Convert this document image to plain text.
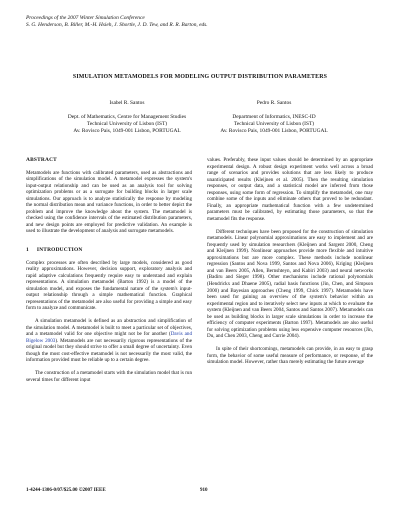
Proceedings of the 2007 Winter Simulation Conference
S. G. Henderson, B. Biller, M.-H. Hsieh, J. Shortle, J. D. Tew, and R. R. Barton, eds.
SIMULATION METAMODELS FOR MODELING OUTPUT DISTRIBUTION PARAMETERS
Isabel R. Santos
Dept. of Mathematics, Centre for Management Studies
Technical University of Lisbon (IST)
Av. Rovisco Pais, 1049-001 Lisbon, PORTUGAL
Pedro R. Santos
Department of Informatics, INESC-ID
Technical University of Lisbon (IST)
Av. Rovisco Pais, 1049-001 Lisbon, PORTUGAL
ABSTRACT

Metamodels are functions with calibrated parameters, used as abstractions and simplifications of the simulation model. A metamodel expresses the system's input-output relationship and can be used as an analysis tool for solving optimization problems or as a surrogate for building blocks in larger scale simulations. Our approach is to analyze statistically the response by modeling the normal distribution mean and variance functions, in order to better depict the problem and improve the knowledge about the system. The metamodel is checked using the confidence intervals of the estimated distribution parameters, and new design points are employed for predictive validation. An example is used to illustrate the development of analysis and surrogate metamodels.

1 INTRODUCTION

Complex processes are often described by large models, considered as good reality approximations. However, decision support, exploratory analysis and rapid adaptive calculations frequently require easy to understand and explain representations. A simulation metamodel (Barton 1992) is a model of the simulation model, and exposes the fundamental nature of the system's input-output relationship through a simple mathematical function. Graphical representations of the metamodel are also useful for providing a simple and easy form to analyze and communicate.

A simulation metamodel is defined as an abstraction and simplification of the simulation model. A metamodel is built to meet a particular set of objectives, and a metamodel valid for one objective might not be for another (Davis and Bigelow 2003). Metamodels are not necessarily rigorous representations of the original model but they should strive to offer a small degree of uncertainty. Even though the most cost-effective metamodel is not necessarily the most valid, the information provided must be reliable up to a certain degree.

The construction of a metamodel starts with the simulation model that is run several times for different input

values. Preferably, these input values should be determined by an appropriate experimental design. A robust design experiment works well across a broad range of scenarios and provides solutions that are less likely to produce unanticipated results (Kleijnen et al. 2005). Then the resulting simulation responses, or output data, and a statistical model are inferred from those responses, using some form of regression. To simplify the metamodel, one may combine some of the inputs and eliminate others that proved to be redundant. Finally, an appropriate mathematical function with a few undetermined parameters must be calibrated, by estimating those parameters, so that the metamodel fits the response.

Different techniques have been proposed for the construction of simulation metamodels. Linear polynomial approximations are easy to implement and are frequently used by simulation researchers (Kleijnen and Sargent 2000, Cheng and Kleijnen 1999). Nonlinear approaches provide more flexible and intuitive approximations but are more complex. These methods include nonlinear regression (Santos and Nova 1999, Santos and Nova 2006), Kriging (Kleijnen and van Beers 2005, Allen, Bernshteyn, and Kabiri 2003) and neural networks (Badiru and Sieger 1998). Other mechanisms include rational polynomials (Hendrickx and Dhaene 2005), radial basis functions (Jin, Chen, and Simpson 2000) and Bayesian approaches (Cheng 1999, Chick 1997). Metamodels have been used for gaining an overview of the system's behavior within an experimental region and to iteratively select new inputs at which to evaluate the system (Kleijnen and van Beers 2004, Santos and Santos 2007). Metamodels can be used as building blocks in larger scale simulations in order to increase the efficiency of computer experiments (Barton 1997). Metamodels are also useful for solving optimization problems using less expensive computer resources (Jin, Du, and Chen 2003, Cheng and Currie 2004).

In spite of their shortcomings, metamodels can provide, in an easy to grasp form, the behavior of some useful measure of performance, or response, of the simulation model. However, rather than merely estimating the future average

1-4244-1306-0/07/$25.00 ©2007 IEEE	910
